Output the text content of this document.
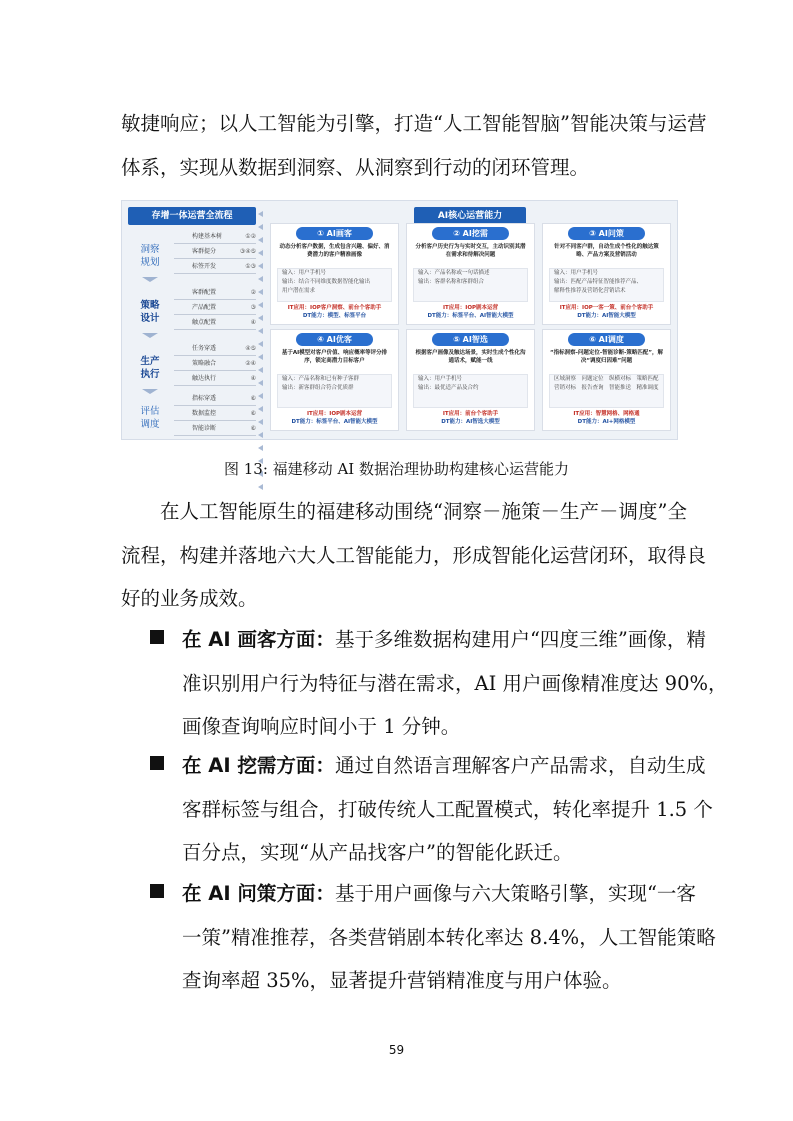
敏捷响应；以人工智能为引擎，打造“人工智能智脑”智能决策与运营
体系，实现从数据到洞察、从洞察到行动的闭环管理。
存增一体运营全流程
洞察
规划
构建基本树	①②
客群提分	③④⑤
标签开发	①③
策略
设计
客群配置	②
产品配置	③
触点配置	④
生产
执行
任务穿透	④⑤
策略融合	②④
触达执行	④
评估
调度
指标穿透	⑥
数据监控	⑥
智能诊断	⑥
AI核心运营能力
① AI画客
动态分析客户数据，生成包含兴趣、偏好、消费潜力的客户精准画像
输入：用户手机号
输出：结合不同维度数据智能化输出
用户潜在需求
IT应用：IOP客户洞察、前台个客助手
DT能力：模型、标签平台
② AI挖需
分析客户历史行为与实时交互，主动识别其潜在需求和待解决问题
输入：产品名称或一句话描述
输出：客群名称和客群组合
IT应用：IOP剧本运营
DT能力：标签平台、AI智能大模型
③ AI问策
针对不同客户群，自动生成个性化的触达策略、产品方案及营销活动
输入：用户手机号
输出：匹配产品特征智能推荐产品、
解释性推荐及营销化营销话术
IT应用：IOP一客一策、前台个客助手
DT能力：AI智能大模型
④ AI优客
基于AI模型对客户价值、响应概率等评分排序，锁定高潜力目标客户
输入：产品名称和已有种子客群
输出：新客群组合符合优质群
IT应用：IOP剧本运营
DT能力：标签平台、AI智能大模型
⑤ AI智选
根据客户画像及触达场景，实时生成个性化沟通话术，赋能一线
输入：用户手机号
输出：最优适产品及合约
IT应用：前台个客助手
DT能力：AI智选大模型
⑥ AI调度
“指标洞察-问题定位-智能诊断-策略匹配”，解决“调度归因难”问题
区域洞察　问题定位　纵横对标　策略匹配
营销对标　报告查询　智能推送　精准调度
IT应用：智慧网格、网格通
DT能力：AI+网格模型
图 13: 福建移动 AI 数据治理协助构建核心运营能力
在人工智能原生的福建移动围绕“洞察－施策－生产－调度”全
流程，构建并落地六大人工智能能力，形成智能化运营闭环，取得良
好的业务成效。
在 AI 画客方面：基于多维数据构建用户“四度三维”画像，精
准识别用户行为特征与潜在需求，AI 用户画像精准度达 90%，
画像查询响应时间小于 1 分钟。
在 AI 挖需方面：通过自然语言理解客户产品需求，自动生成
客群标签与组合，打破传统人工配置模式，转化率提升 1.5 个
百分点，实现“从产品找客户”的智能化跃迁。
在 AI 问策方面：基于用户画像与六大策略引擎，实现“一客
一策”精准推荐，各类营销剧本转化率达 8.4%，人工智能策略
查询率超 35%，显著提升营销精准度与用户体验。
59
